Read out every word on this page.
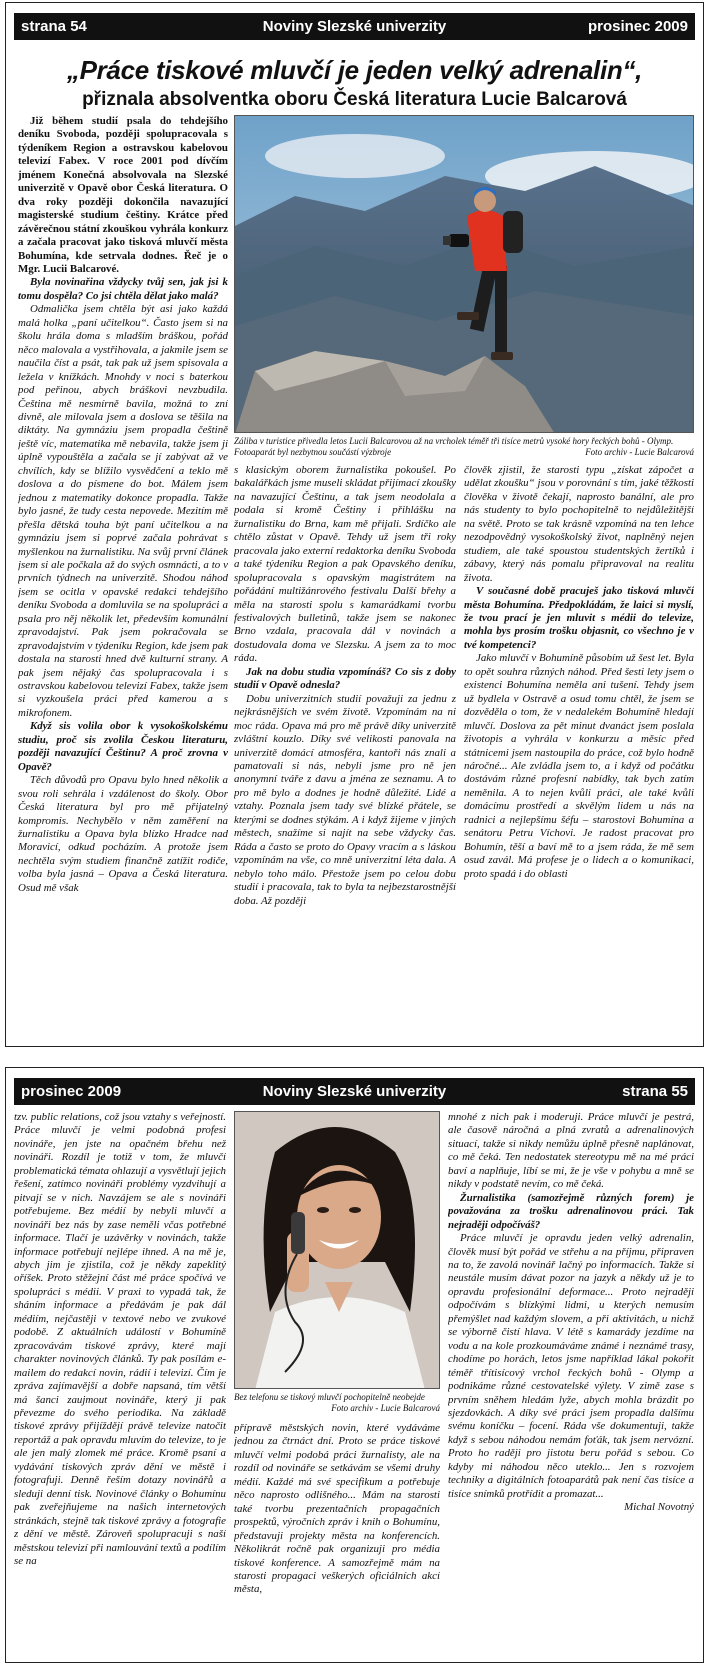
strana 54	Noviny Slezské univerzity	prosinec 2009
„Práce tiskové mluvčí je jeden velký adrenalin“,
přiznala absolventka oboru Česká literatura Lucie Balcarová

Již během studií psala do tehdejšího deníku Svoboda, později spolupracovala s týdeníkem Region a ostravskou kabelovou televizí Fabex. V roce 2001 pod dívčím jménem Konečná absolvovala na Slezské univerzitě v Opavě obor Česká literatura. O dva roky později dokončila navazující magisterské studium češtiny. Krátce před závěrečnou státní zkouškou vyhrála konkurz a začala pracovat jako tisková mluvčí města Bohumína, kde setrvala dodnes. Řeč je o Mgr. Lucii Balcarové.

Byla novinařina vždycky tvůj sen, jak jsi k tomu dospěla? Co jsi chtěla dělat jako malá?

Odmalička jsem chtěla být asi jako každá malá holka „paní učitelkou“. Často jsem si na školu hrála doma s mladším bráškou, pořád něco malovala a vystřihovala, a jakmile jsem se naučila číst a psát, tak pak už jsem spisovala a ležela v knížkách. Mnohdy v noci s baterkou pod peřinou, abych bráškovi nevzbudila. Čeština mě nesmírně bavila, možná to zní divně, ale milovala jsem a doslova se těšila na diktáty. Na gymnáziu jsem propadla češtině ještě víc, matematika mě nebavila, takže jsem ji úplně vypouštěla a začala se jí zabývat až ve chvílích, kdy se blížilo vysvědčení a teklo mě doslova a do písmene do bot. Málem jsem jednou z matematiky dokonce propadla. Takže bylo jasné, že tudy cesta nepovede. Mezitím mě přešla dětská touha být paní učitelkou a na gymnáziu jsem si poprvé začala pohrávat s myšlenkou na žurnalistiku. Na svůj první článek jsem si ale počkala až do svých osmnácti, a to v prvních týdnech na univerzitě. Shodou náhod jsem se ocitla v opavské redakci tehdejšího deníku Svoboda a domluvila se na spolupráci a psala pro něj několik let, především komunální zpravodajství. Pak jsem pokračovala se zpravodajstvím v týdeníku Region, kde jsem pak dostala na starosti hned dvě kulturní strany. A pak jsem nějaký čas spolupracovala i s ostravskou kabelovou televizí Fabex, takže jsem si vyzkoušela práci před kamerou a s mikrofonem.

Když sis volila obor k vysokoškolskému studiu, proč sis zvolila Českou literaturu, později navazující Češtinu? A proč zrovna v Opavě?

Těch důvodů pro Opavu bylo hned několik a svou roli sehrála i vzdálenost do školy. Obor Česká literatura byl pro mě přijatelný kompromis. Nechybělo v něm zaměření na žurnalistiku a Opava byla blízko Hradce nad Moravicí, odkud pocházím. A protože jsem nechtěla svým studiem finančně zatížit rodiče, volba byla jasná – Opava a Česká literatura. Osud mě však

Záliba v turistice přivedla letos Lucii Balcarovou až na vrcholek téměř tři tisíce metrů vysoké hory řeckých bohů - Olymp. Fotoaparát byl nezbytnou součástí výzbroje	Foto archiv - Lucie Balcarová

s klasickým oborem žurnalistika pokoušel. Po bakalářkách jsme museli skládat přijímací zkoušky na navazující Češtinu, a tak jsem neodolala a podala si kromě Češtiny i přihlášku na žurnalistiku do Brna, kam mě přijali. Srdíčko ale chtělo zůstat v Opavě. Tehdy už jsem tři roky pracovala jako externí redaktorka deníku Svoboda a také týdeníku Region a pak Opavského deníku, spolupracovala s opavským magistrátem na pořádání multižánrového festivalu Další břehy a měla na starosti spolu s kamarádkami tvorbu festivalových bulletinů, takže jsem se nakonec Brno vzdala, pracovala dál v novinách a dostudovala doma ve Slezsku. A jsem za to moc ráda.

Jak na dobu studia vzpomínáš? Co sis z doby studií v Opavě odnesla?

Dobu univerzitních studií považuji za jednu z nejkrásnějších ve svém životě. Vzpomínám na ni moc ráda. Opava má pro mě právě díky univerzitě zvláštní kouzlo. Díky své velikosti panovala na univerzitě domácí atmosféra, kantoři nás znali a pamatovali si nás, nebyli jsme pro ně jen anonymní tváře z davu a jména ze seznamu. A to pro mě bylo a dodnes je hodně důležité. Lidé a vztahy. Poznala jsem tady své blízké přátele, se kterými se dodnes stýkám. A i když žijeme v jiných městech, snažíme si najít na sebe vždycky čas. Ráda a často se proto do Opavy vracím a s láskou vzpomínám na vše, co mně univerzitní léta dala. A nebylo toho málo. Přestože jsem po celou dobu studií i pracovala, tak to byla ta nejbezstarostnější doba. Až později

člověk zjistil, že starosti typu „získat zápočet a udělat zkoušku“ jsou v porovnání s tím, jaké těžkosti člověka v životě čekají, naprosto banální, ale pro nás studenty to bylo pochopitelně to nejdůležitější na světě. Proto se tak krásně vzpomíná na ten lehce nezodpovědný vysokoškolský život, naplněný nejen studiem, ale také spoustou studentských žertíků i zábavy, který nás pomalu připravoval na realitu života.

V současné době pracuješ jako tisková mluvčí města Bohumína. Předpokládám, že laici si myslí, že tvou prací je jen mluvit s médii do televize, mohla bys prosím trošku objasnit, co všechno je v tvé kompetenci?

Jako mluvčí v Bohumíně působím už šest let. Byla to opět souhra různých náhod. Před šesti lety jsem o existenci Bohumína neměla ani tušení. Tehdy jsem už bydlela v Ostravě a osud tomu chtěl, že jsem se dozvěděla o tom, že v nedalekém Bohumíně hledají mluvčí. Doslova za pět minut dvanáct jsem poslala životopis a vyhrála v konkurzu a měsíc před státnicemi jsem nastoupila do práce, což bylo hodně náročné... Ale zvládla jsem to, a i když od počátku dostávám různé profesní nabídky, tak bych zatím neměnila. A to nejen kvůli práci, ale také kvůli domácímu prostředí a skvělým lidem u nás na radnici a nejlepšímu šéfu – starostovi Bohumína a senátoru Petru Víchovi. Je radost pracovat pro Bohumín, těší a baví mě to a jsem ráda, že mě sem osud zavál. Má profese je o lidech a o komunikaci, proto spadá i do oblasti

prosinec 2009	Noviny Slezské univerzity	strana 55

tzv. public relations, což jsou vztahy s veřejností. Práce mluvčí je velmi podobná profesi novináře, jen jste na opačném břehu než novináři. Rozdíl je totiž v tom, že mluvčí problematická témata ohlazují a vysvětlují jejich řešení, zatímco novináři problémy vyzdvihují a pitvají se v nich. Navzájem se ale s novináři potřebujeme. Bez médií by nebyli mluvčí a novináři bez nás by zase neměli včas potřebné informace. Tlačí je uzávěrky v novinách, takže informace potřebují nejlépe ihned. A na mě je, abych jim je zjistila, což je někdy zapeklitý oříšek. Proto stěžejní část mé práce spočívá ve spolupráci s médii. V praxi to vypadá tak, že sháním informace a předávám je pak dál médiím, nejčastěji v textové nebo ve zvukové podobě. Z aktuálních událostí v Bohumíně zpracovávám tiskové zprávy, které mají charakter novinových článků. Ty pak posílám e-mailem do redakcí novin, rádií i televizí. Čím je zpráva zajímavější a dobře napsaná, tím větší má šanci zaujmout novináře, který ji pak převezme do svého periodika. Na základě tiskové zprávy přijíždějí právě televize natočit reportáž a pak opravdu mluvím do televize, to je ale jen malý zlomek mé práce. Kromě psaní a vydávání tiskových zpráv dění ve městě i fotografuji. Denně řeším dotazy novinářů a sleduji denní tisk. Novinové články o Bohumínu pak zveřejňujeme na našich internetových stránkách, stejně tak tiskové zprávy a fotografie z dění ve městě. Zároveň spolupracuji s naší městskou televizí při namlouvání textů a podílím se na

Bez telefonu se tiskový mluvčí pochopitelně neobejde
Foto archiv - Lucie Balcarová

přípravě městských novin, které vydáváme jednou za čtrnáct dní. Proto se práce tiskové mluvčí velmi podobá práci žurnalisty, ale na rozdíl od novináře se setkávám se všemi druhy médií. Každé má své specifikum a potřebuje něco naprosto odlišného... Mám na starosti také tvorbu prezentačních propagačních prospektů, výročních zpráv i knih o Bohumínu, představuji projekty města na konferencích. Několikrát ročně pak organizuji pro média tiskové konference. A samozřejmě mám na starosti propagaci veškerých oficiálních akcí města,

mnohé z nich pak i moderuji. Práce mluvčí je pestrá, ale časově náročná a plná zvratů a adrenalinových situací, takže si nikdy nemůžu úplně přesně naplánovat, co mě čeká. Ten nedostatek stereotypu mě na mé práci baví a naplňuje, líbí se mi, že je vše v pohybu a mně se nikdy v podstatě nevím, co mě čeká.

Žurnalistika (samozřejmě různých forem) je považována za trošku adrenalinovou práci. Tak nejraději odpočíváš?

Práce mluvčí je opravdu jeden velký adrenalin, člověk musí být pořád ve střehu a na příjmu, připraven na to, že zavolá novinář lačný po informacích. Takže si neustále musím dávat pozor na jazyk a někdy už je to opravdu profesionální deformace... Proto nejraději odpočívám s blízkými lidmi, u kterých nemusím přemýšlet nad každým slovem, a při aktivitách, u nichž se výborně čistí hlava. V létě s kamarády jezdíme na vodu a na kole prozkoumáváme známé i neznámé trasy, chodíme po horách, letos jsme například lákal pokořit téměř třítisícový vrchol řeckých bohů - Olymp a podnikáme různé cestovatelské výlety. V zimě zase s prvním sněhem hledám lyže, abych mohla brázdit po sjezdovkách. A díky své práci jsem propadla dalšímu svému koníčku – focení. Ráda vše dokumentuji, takže když s sebou náhodou nemám foťák, tak jsem nervózní. Proto ho raději pro jistotu beru pořád s sebou. Co kdyby mi náhodou něco uteklo... Jen s rozvojem techniky a digitálních fotoaparátů pak není čas tisíce a tisíce snímků protřídit a promazat...

Michal Novotný
